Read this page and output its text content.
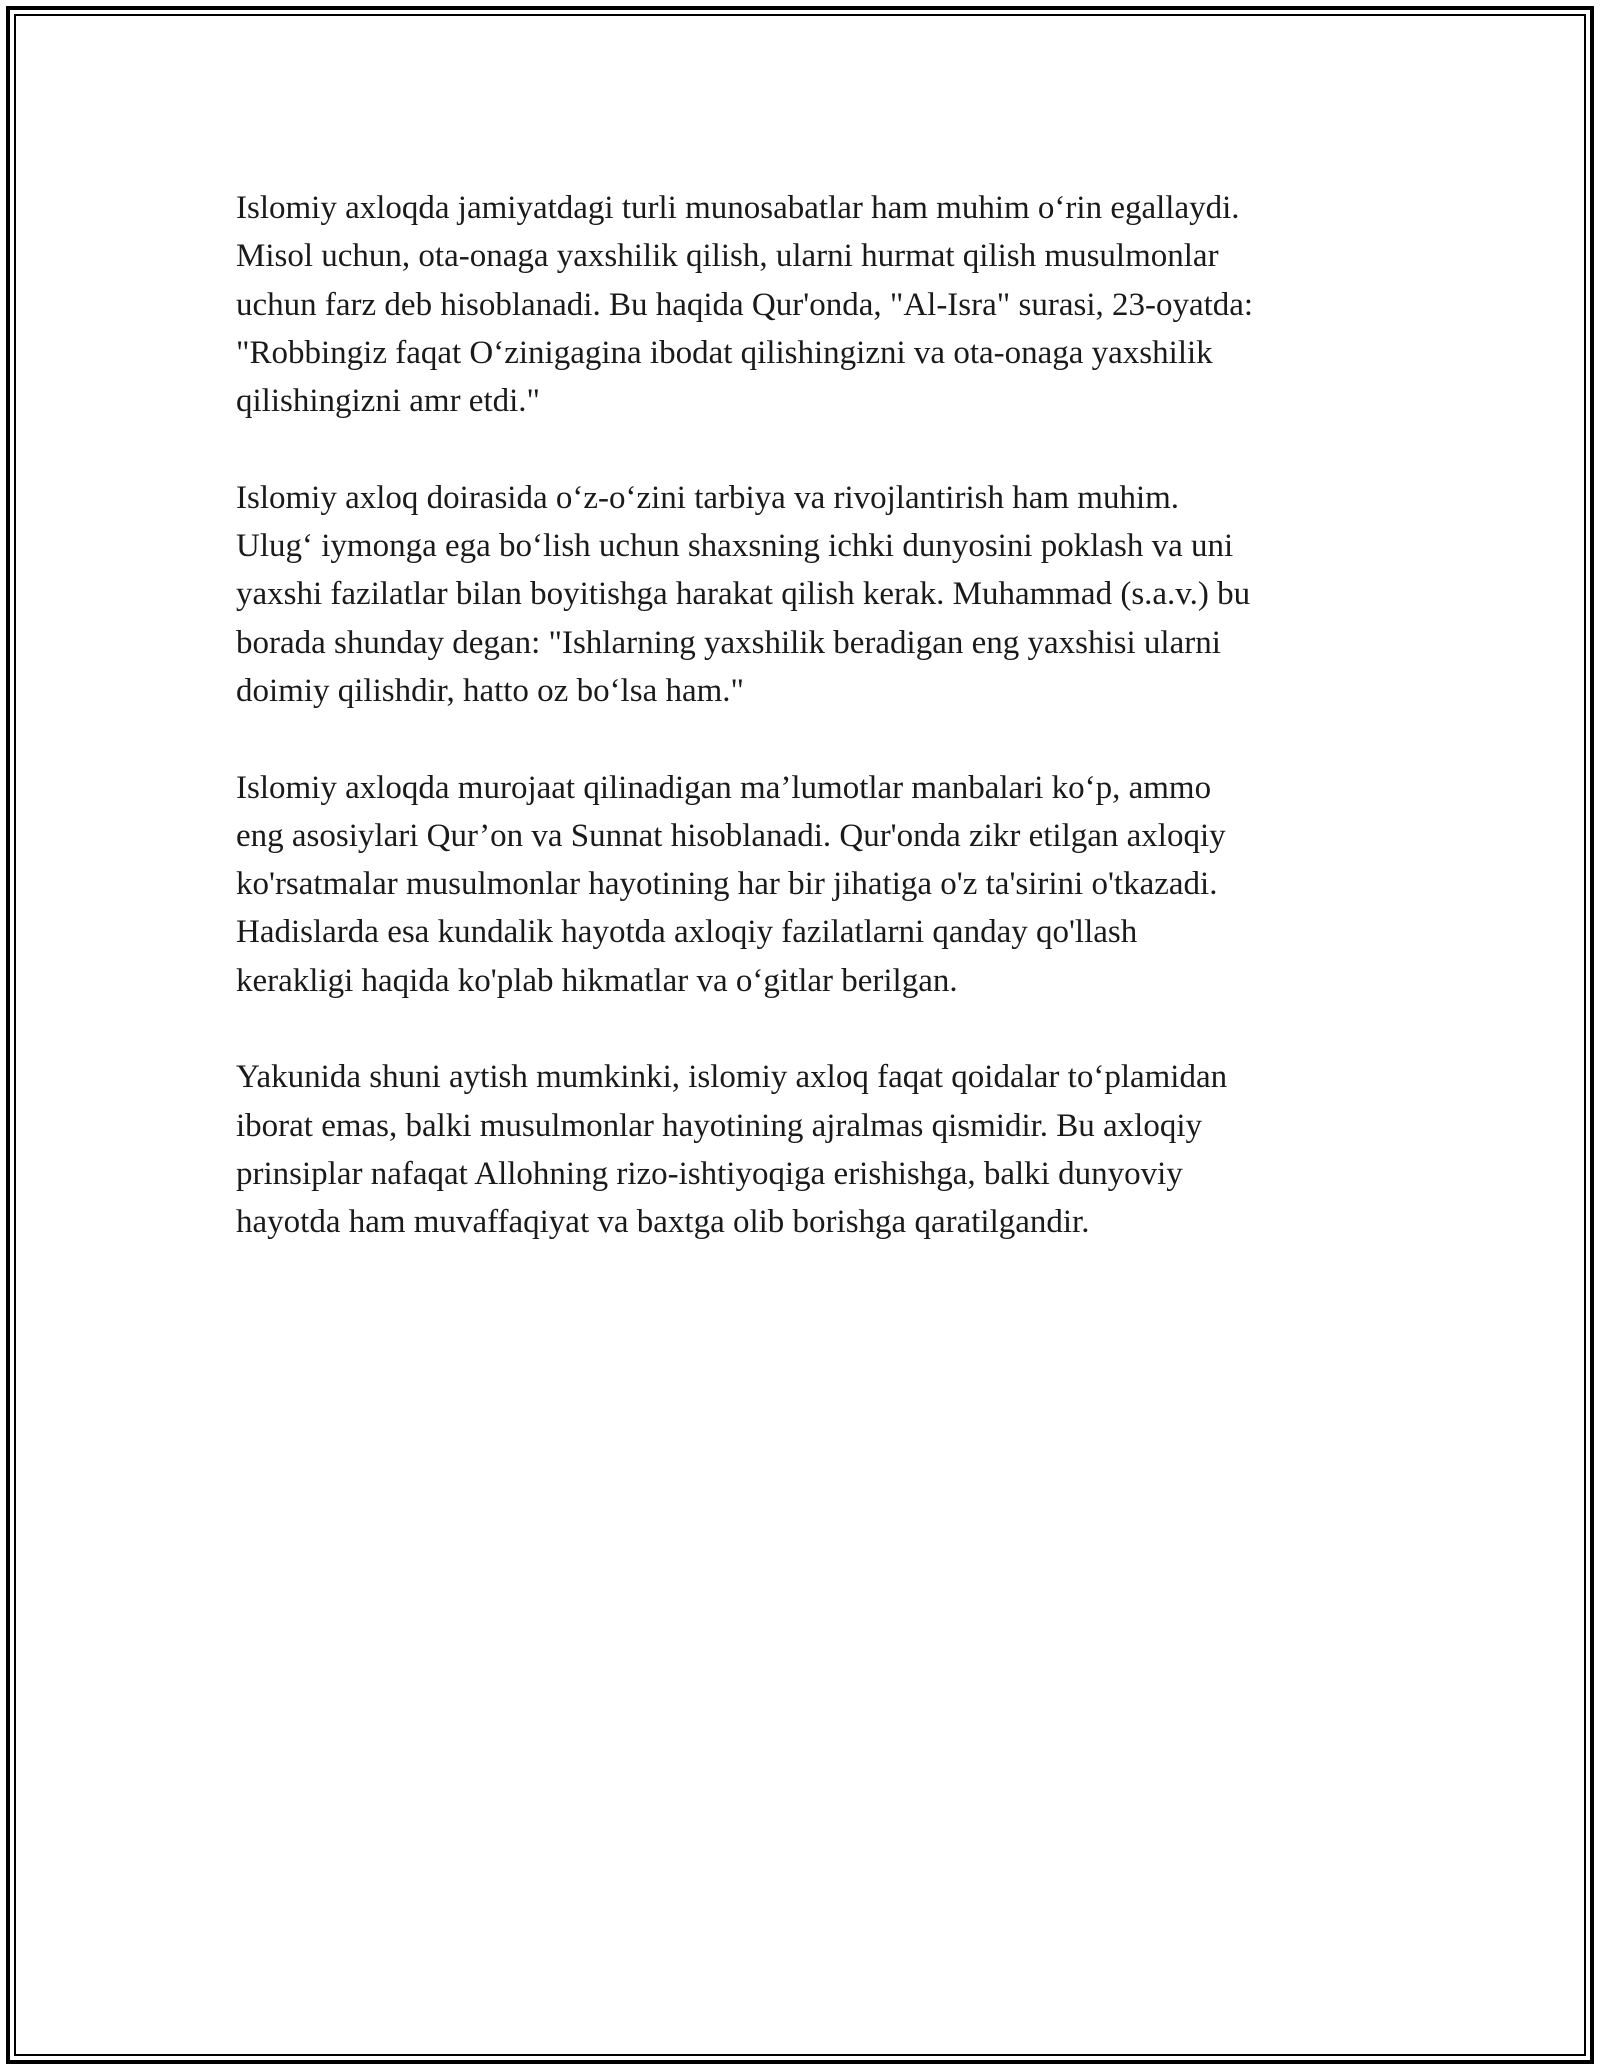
Islomiy axloqda jamiyatdagi turli munosabatlar ham muhim o‘rin egallaydi.
Misol uchun, ota-onaga yaxshilik qilish, ularni hurmat qilish musulmonlar
uchun farz deb hisoblanadi. Bu haqida Qur'onda, "Al-Isra" surasi, 23-oyatda:
"Robbingiz faqat O‘zinigagina ibodat qilishingizni va ota-onaga yaxshilik
qilishingizni amr etdi."

Islomiy axloq doirasida o‘z-o‘zini tarbiya va rivojlantirish ham muhim.
Ulug‘ iymonga ega bo‘lish uchun shaxsning ichki dunyosini poklash va uni
yaxshi fazilatlar bilan boyitishga harakat qilish kerak. Muhammad (s.a.v.) bu
borada shunday degan: "Ishlarning yaxshilik beradigan eng yaxshisi ularni
doimiy qilishdir, hatto oz bo‘lsa ham."

Islomiy axloqda murojaat qilinadigan ma’lumotlar manbalari ko‘p, ammo
eng asosiylari Qur’on va Sunnat hisoblanadi. Qur'onda zikr etilgan axloqiy
ko'rsatmalar musulmonlar hayotining har bir jihatiga o'z ta'sirini o'tkazadi.
Hadislarda esa kundalik hayotda axloqiy fazilatlarni qanday qo'llash
kerakligi haqida ko'plab hikmatlar va o‘gitlar berilgan.

Yakunida shuni aytish mumkinki, islomiy axloq faqat qoidalar to‘plamidan
iborat emas, balki musulmonlar hayotining ajralmas qismidir. Bu axloqiy
prinsiplar nafaqat Allohning rizo-ishtiyoqiga erishishga, balki dunyoviy
hayotda ham muvaffaqiyat va baxtga olib borishga qaratilgandir.
